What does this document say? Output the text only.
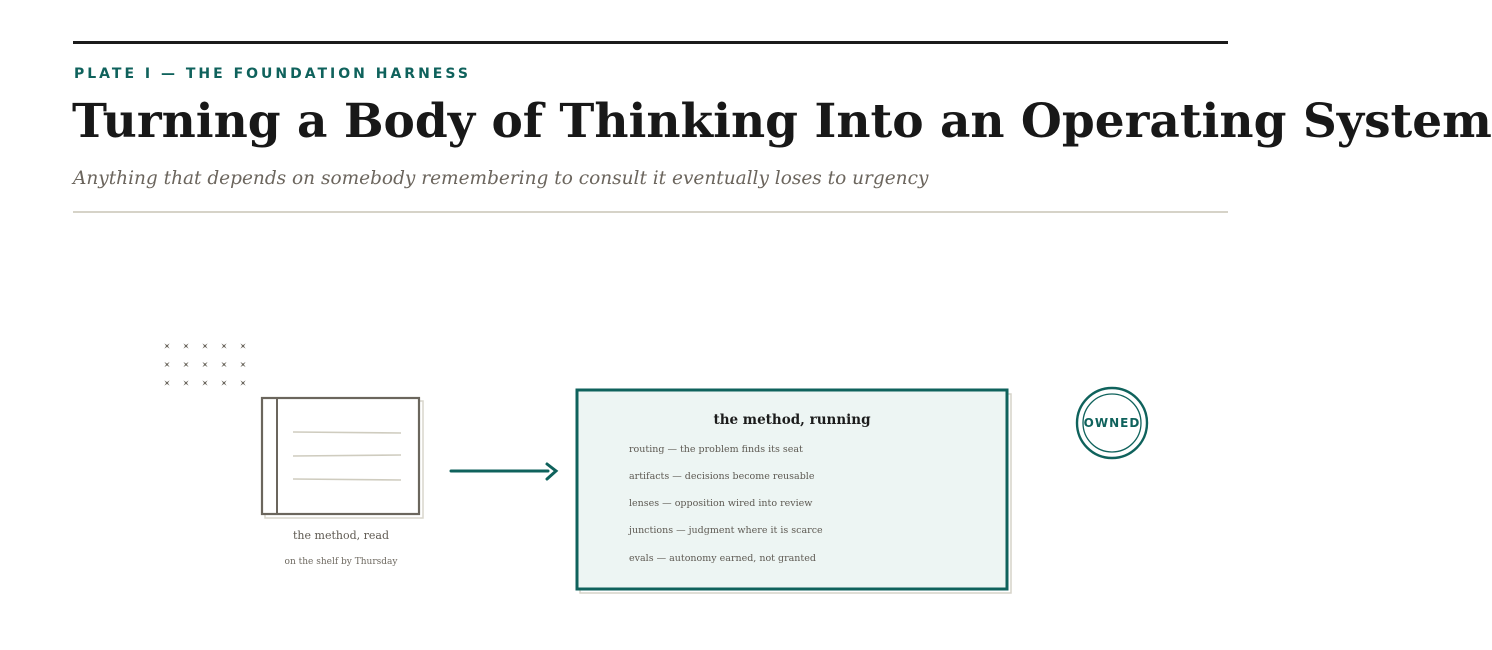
PLATE I — THE FOUNDATION HARNESS
Turning a Body of Thinking Into an Operating System
Anything that depends on somebody remembering to consult it eventually loses to urgency
the method, read
on the shelf by Thursday
the method, running
routing — the problem finds its seat
artifacts — decisions become reusable
lenses — opposition wired into review
junctions — judgment where it is scarce
evals — autonomy earned, not granted
OWNED
